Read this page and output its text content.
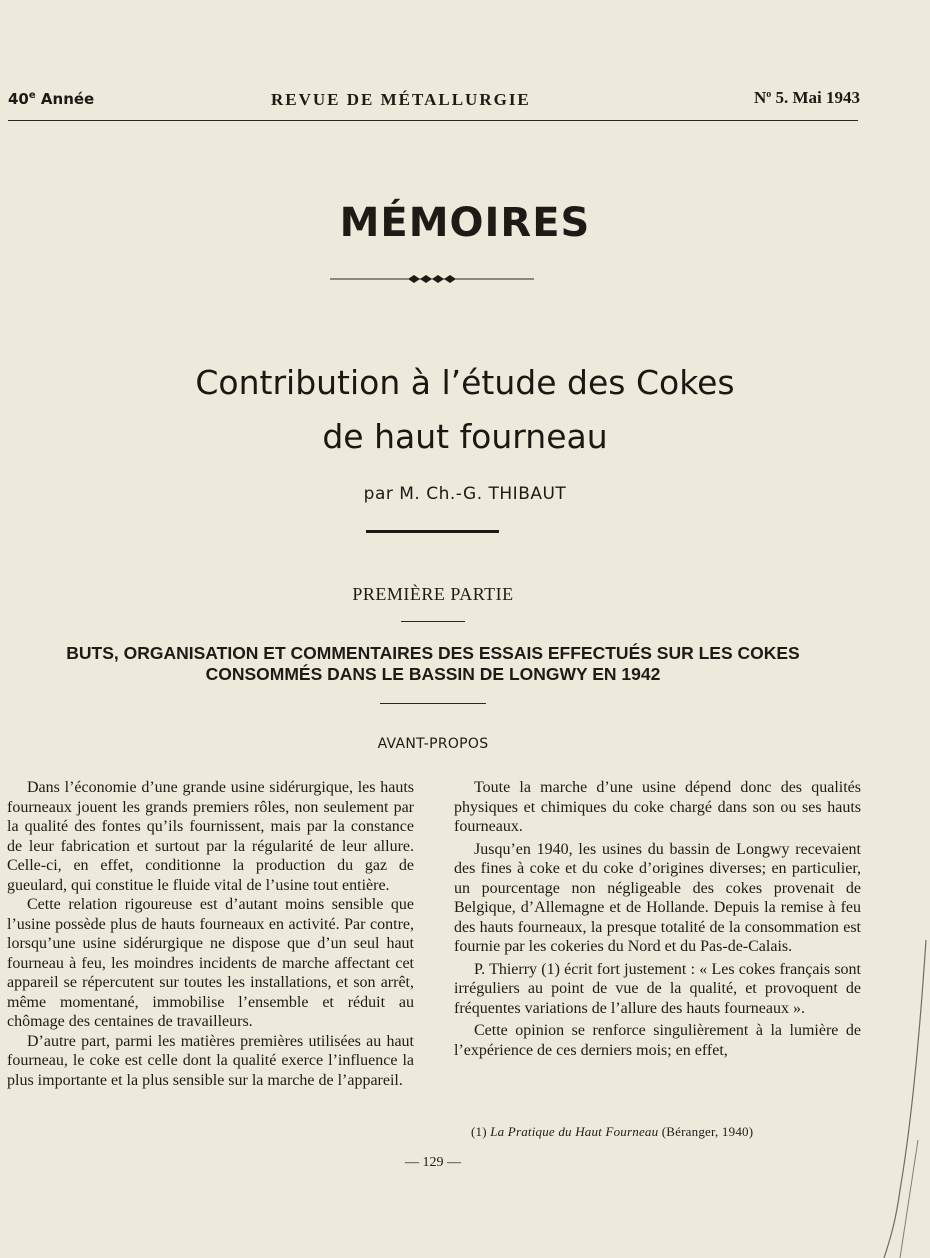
40e Année	REVUE DE MÉTALLURGIE	$N^o$ 5. Mai 1943
MÉMOIRES
Contribution à l’étude des Cokes
de haut fourneau
par M. Ch.-G. THIBAUT
PREMIÈRE PARTIE
BUTS, ORGANISATION ET COMMENTAIRES DES ESSAIS EFFECTUÉS SUR LES COKES
CONSOMMÉS DANS LE BASSIN DE LONGWY EN 1942
AVANT-PROPOS

Dans l’économie d’une grande usine sidérurgique, les hauts fourneaux jouent les grands premiers rôles, non seulement par la qualité des fontes qu’ils fournissent, mais par la constance de leur fabrication et surtout par la régularité de leur allure. Celle-ci, en effet, conditionne la production du gaz de gueulard, qui constitue le fluide vital de l’usine tout entière.

Cette relation rigoureuse est d’autant moins sensible que l’usine possède plus de hauts fourneaux en activité. Par contre, lorsqu’une usine sidérurgique ne dispose que d’un seul haut fourneau à feu, les moindres incidents de marche affectant cet appareil se répercutent sur toutes les installations, et son arrêt, même momentané, immobilise l’ensemble et réduit au chômage des centaines de travailleurs.

D’autre part, parmi les matières premières utilisées au haut fourneau, le coke est celle dont la qualité exerce l’influence la plus importante et la plus sensible sur la marche de l’appareil.

Toute la marche d’une usine dépend donc des qualités physiques et chimiques du coke chargé dans son ou ses hauts fourneaux.

Jusqu’en 1940, les usines du bassin de Longwy recevaient des fines à coke et du coke d’origines diverses; en particulier, un pourcentage non négligeable des cokes provenait de Belgique, d’Allemagne et de Hollande. Depuis la remise à feu des hauts fourneaux, la presque totalité de la consommation est fournie par les cokeries du Nord et du Pas-de-Calais.

P. Thierry (1) écrit fort justement : « Les cokes français sont irréguliers au point de vue de la qualité, et provoquent de fréquentes variations de l’allure des hauts fourneaux ».

Cette opinion se renforce singulièrement à la lumière de l’expérience de ces derniers mois; en effet,

(1) La Pratique du Haut Fourneau (Béranger, 1940)
— 129 —
